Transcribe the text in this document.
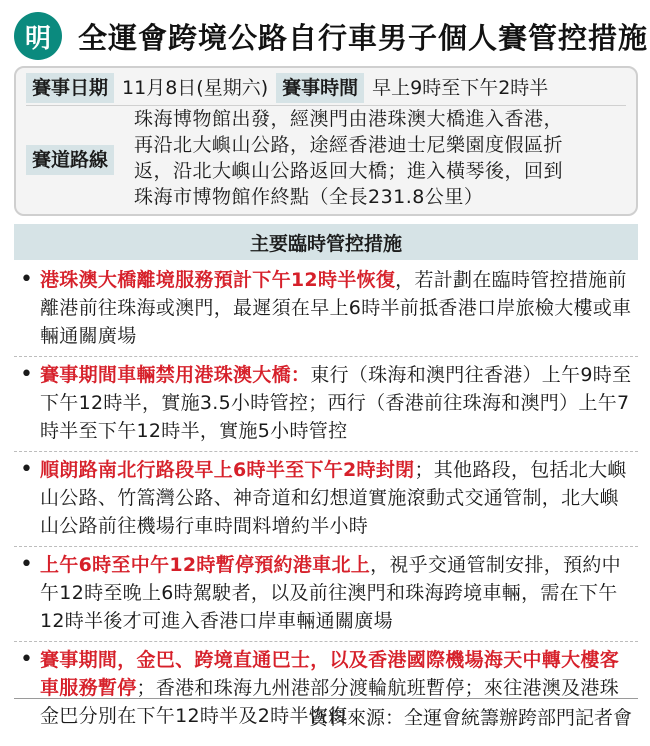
明 全運會跨境公路自行車男子個人賽管控措施
賽事日期 11月8日(星期六) 賽事時間 早上9時至下午2時半
賽道路線
珠海博物館出發，經澳門由港珠澳大橋進入香港，
再沿北大嶼山公路，途經香港迪士尼樂園度假區折
返，沿北大嶼山公路返回大橋；進入橫琴後，回到
珠海市博物館作終點（全長231.8公里）
主要臨時管控措施
• 港珠澳大橋離境服務預計下午12時半恢復，若計劃在臨時管控措施前離港前往珠海或澳門，最遲須在早上6時半前抵香港口岸旅檢大樓或車輛通關廣場
• 賽事期間車輛禁用港珠澳大橋：東行（珠海和澳門往香港）上午9時至下午12時半，實施3.5小時管控；西行（香港前往珠海和澳門）上午7時半至下午12時半，實施5小時管控
• 順朗路南北行路段早上6時半至下午2時封閉；其他路段，包括北大嶼山公路、竹篙灣公路、神奇道和幻想道實施滾動式交通管制，北大嶼山公路前往機場行車時間料增約半小時
• 上午6時至中午12時暫停預約港車北上，視乎交通管制安排，預約中午12時至晚上6時駕駛者，以及前往澳門和珠海跨境車輛，需在下午12時半後才可進入香港口岸車輛通關廣場
• 賽事期間，金巴、跨境直通巴士，以及香港國際機場海天中轉大樓客車服務暫停；香港和珠海九州港部分渡輪航班暫停；來往港澳及港珠金巴分別在下午12時半及2時半恢復
資料來源：全運會統籌辦跨部門記者會
